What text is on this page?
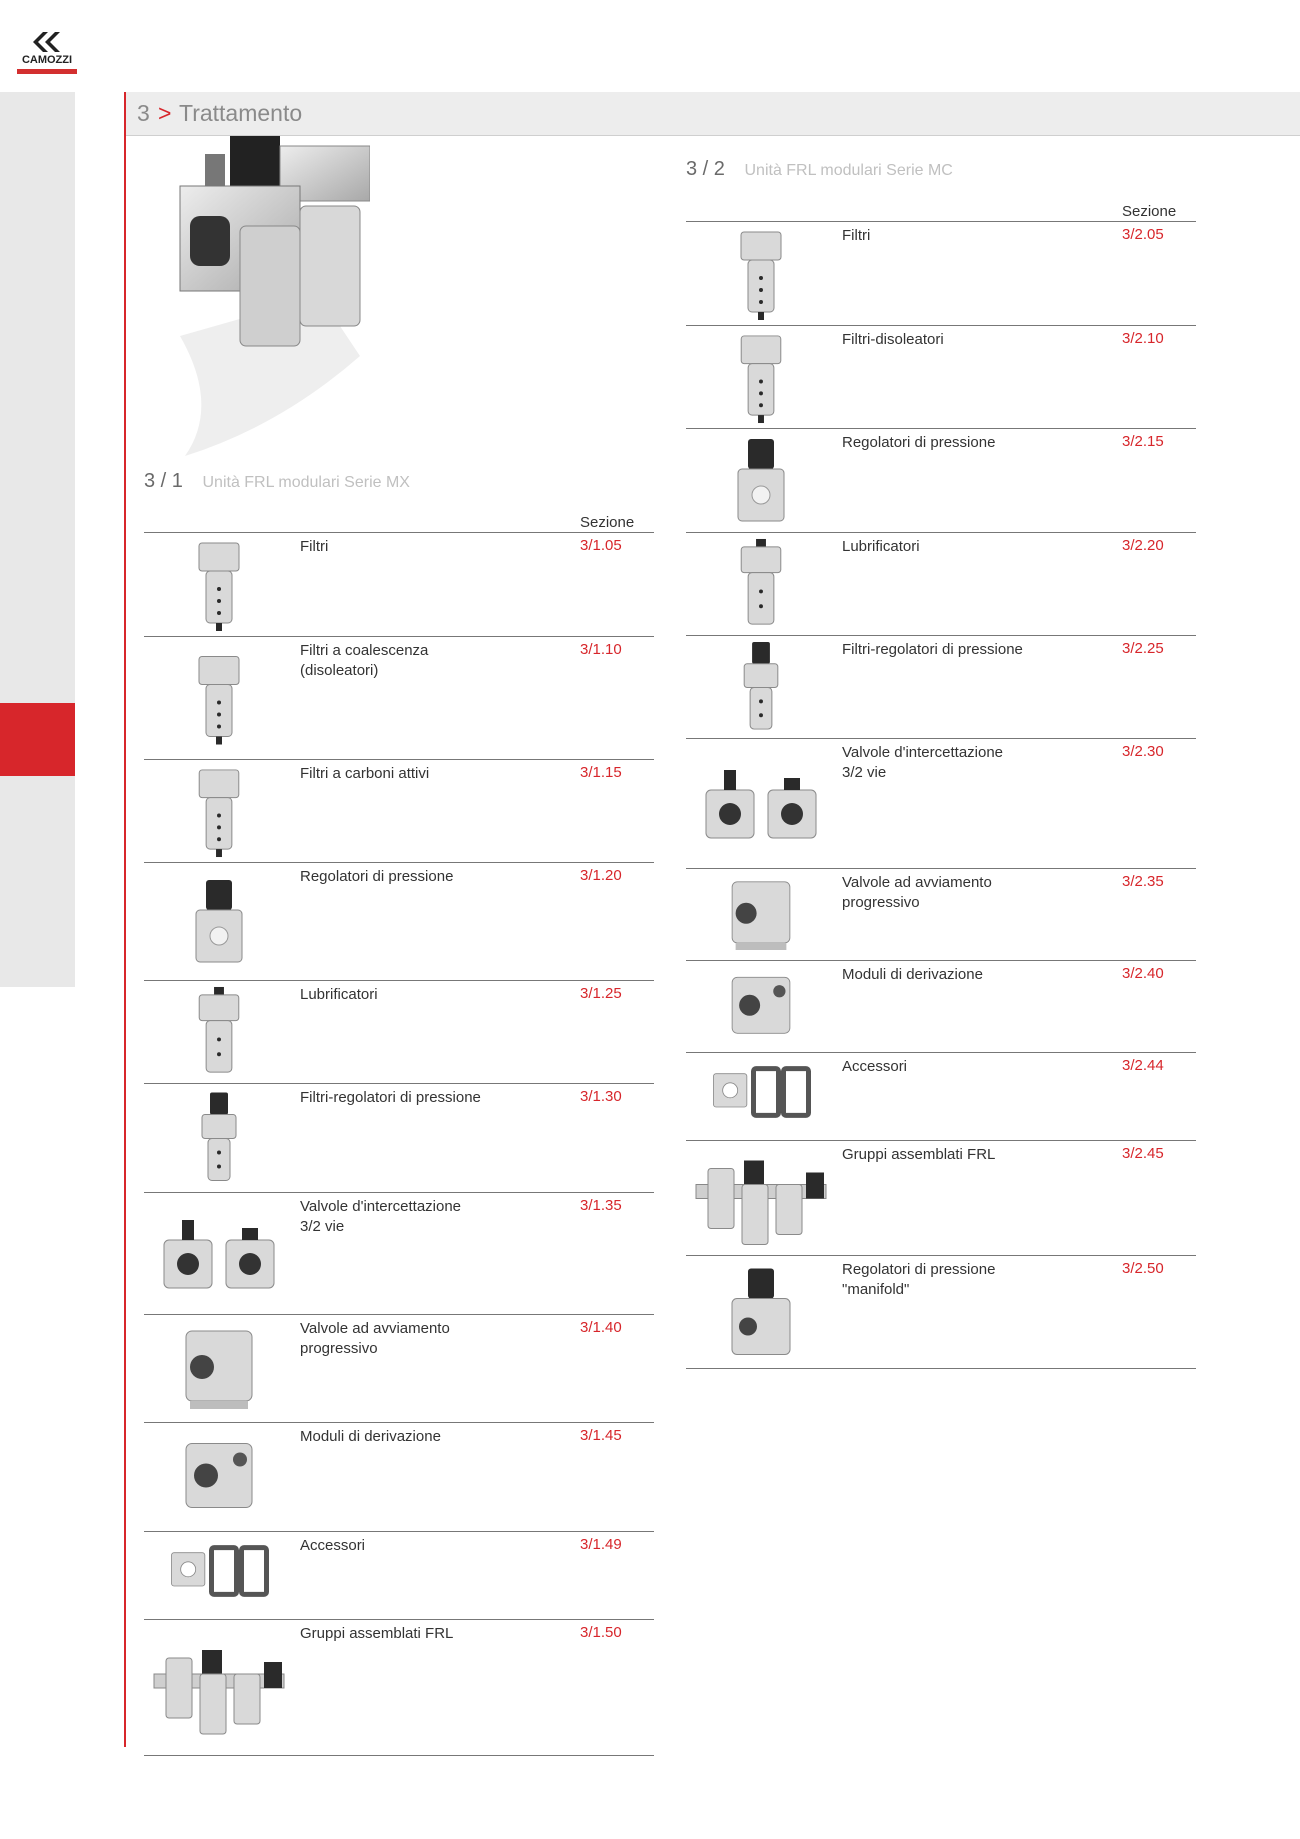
CAMOZZI
3 > Trattamento
3 / 1 Unità FRL modulari Serie MX
Sezione
Filtri	3/1.05
Filtri a coalescenza
(disoleatori)
3/1.10
Filtri a carboni attivi	3/1.15
Regolatori di pressione	3/1.20
Lubrificatori	3/1.25
Filtri-regolatori di pressione	3/1.30
Valvole d'intercettazione
3/2 vie
3/1.35
Valvole ad avviamento
progressivo
3/1.40
Moduli di derivazione	3/1.45
Accessori	3/1.49
Gruppi assemblati FRL	3/1.50
3 / 2 Unità FRL modulari Serie MC
Sezione
Filtri	3/2.05
Filtri-disoleatori	3/2.10
Regolatori di pressione	3/2.15
Lubrificatori	3/2.20
Filtri-regolatori di pressione	3/2.25
Valvole d'intercettazione
3/2 vie
3/2.30
Valvole ad avviamento
progressivo
3/2.35
Moduli di derivazione	3/2.40
Accessori	3/2.44
Gruppi assemblati FRL	3/2.45
Regolatori di pressione
"manifold"
3/2.50
